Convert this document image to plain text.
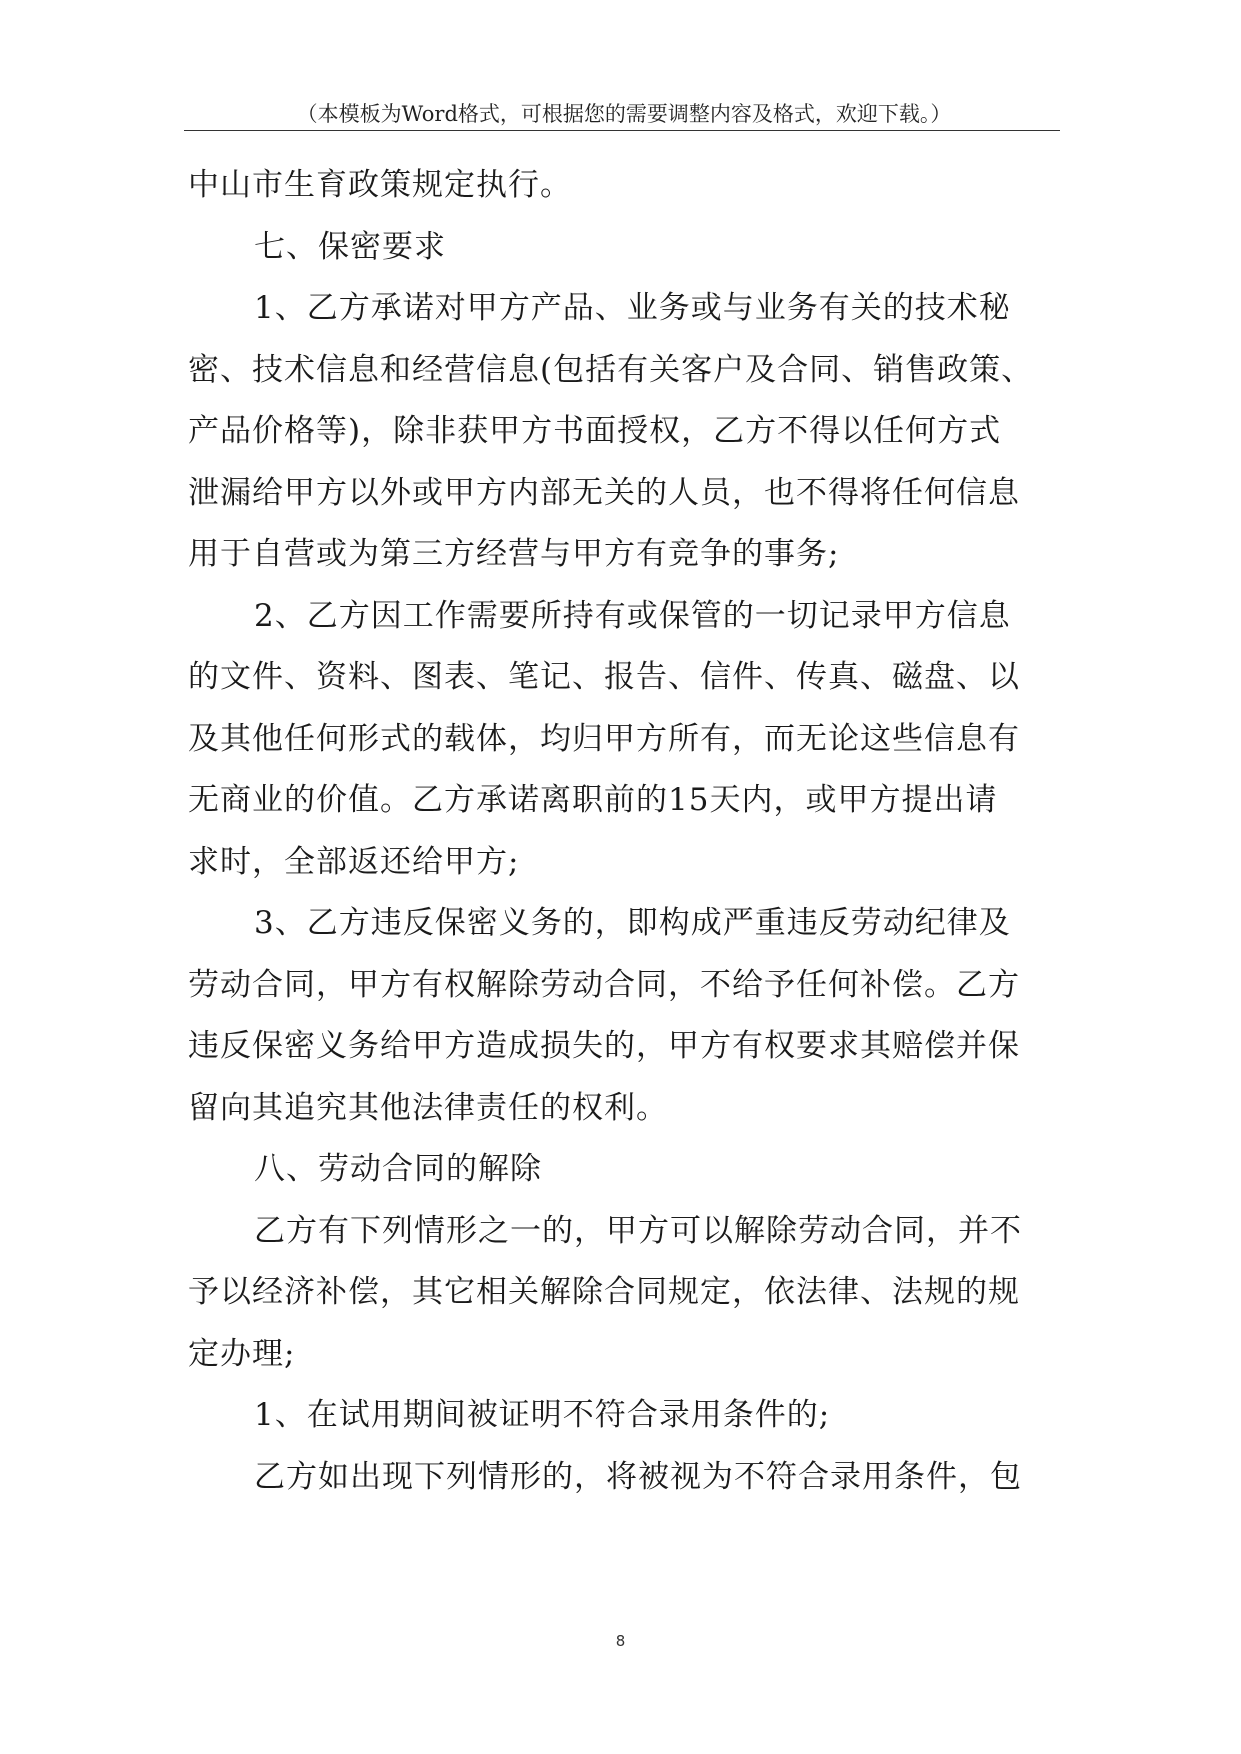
（本模板为Word格式，可根据您的需要调整内容及格式，欢迎下载。）
中山市生育政策规定执行。
七、保密要求
1、乙方承诺对甲方产品、业务或与业务有关的技术秘
密、技术信息和经营信息(包括有关客户及合同、销售政策、
产品价格等)，除非获甲方书面授权，乙方不得以任何方式
泄漏给甲方以外或甲方内部无关的人员，也不得将任何信息
用于自营或为第三方经营与甲方有竞争的事务;
2、乙方因工作需要所持有或保管的一切记录甲方信息
的文件、资料、图表、笔记、报告、信件、传真、磁盘、以
及其他任何形式的载体，均归甲方所有，而无论这些信息有
无商业的价值。乙方承诺离职前的15天内，或甲方提出请
求时，全部返还给甲方;
3、乙方违反保密义务的，即构成严重违反劳动纪律及
劳动合同，甲方有权解除劳动合同，不给予任何补偿。乙方
违反保密义务给甲方造成损失的，甲方有权要求其赔偿并保
留向其追究其他法律责任的权利。
八、劳动合同的解除
乙方有下列情形之一的，甲方可以解除劳动合同，并不
予以经济补偿，其它相关解除合同规定，依法律、法规的规
定办理;
1、在试用期间被证明不符合录用条件的;
乙方如出现下列情形的，将被视为不符合录用条件，包
8
